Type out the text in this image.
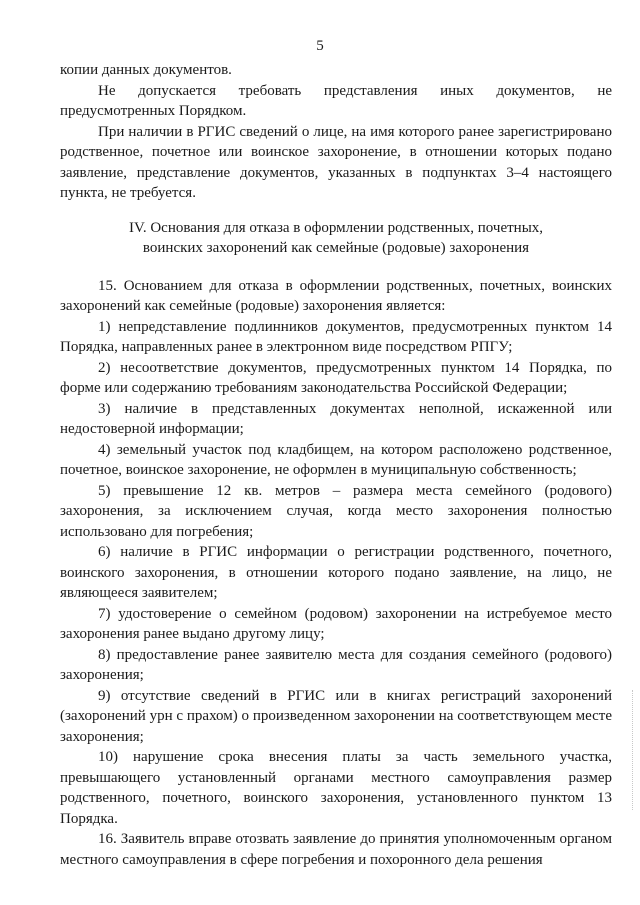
5

копии данных документов.

Не допускается требовать представления иных документов, не предусмотренных Порядком.

При наличии в РГИС сведений о лице, на имя которого ранее зарегистрировано родственное, почетное или воинское захоронение, в отношении которых подано заявление, представление документов, указанных в подпунктах 3–4 настоящего пункта, не требуется.

IV. Основания для отказа в оформлении родственных, почетных,
воинских захоронений как семейные (родовые) захоронения

15. Основанием для отказа в оформлении родственных, почетных, воинских захоронений как семейные (родовые) захоронения является:

1) непредставление подлинников документов, предусмотренных пунктом 14 Порядка, направленных ранее в электронном виде посредством РПГУ;

2) несоответствие документов, предусмотренных пунктом 14 Порядка, по форме или содержанию требованиям законодательства Российской Федерации;

3) наличие в представленных документах неполной, искаженной или недостоверной информации;

4) земельный участок под кладбищем, на котором расположено родственное, почетное, воинское захоронение, не оформлен в муниципальную собственность;

5) превышение 12 кв. метров – размера места семейного (родового) захоронения, за исключением случая, когда место захоронения полностью использовано для погребения;

6) наличие в РГИС информации о регистрации родственного, почетного, воинского захоронения, в отношении которого подано заявление, на лицо, не являющееся заявителем;

7) удостоверение о семейном (родовом) захоронении на истребуемое место захоронения ранее выдано другому лицу;

8) предоставление ранее заявителю места для создания семейного (родового) захоронения;

9) отсутствие сведений в РГИС или в книгах регистраций захоронений (захоронений урн с прахом) о произведенном захоронении на соответствующем месте захоронения;

10) нарушение срока внесения платы за часть земельного участка, превышающего установленный органами местного самоуправления размер родственного, почетного, воинского захоронения, установленного пунктом 13 Порядка.

16. Заявитель вправе отозвать заявление до принятия уполномоченным органом местного самоуправления в сфере погребения и похоронного дела решения
